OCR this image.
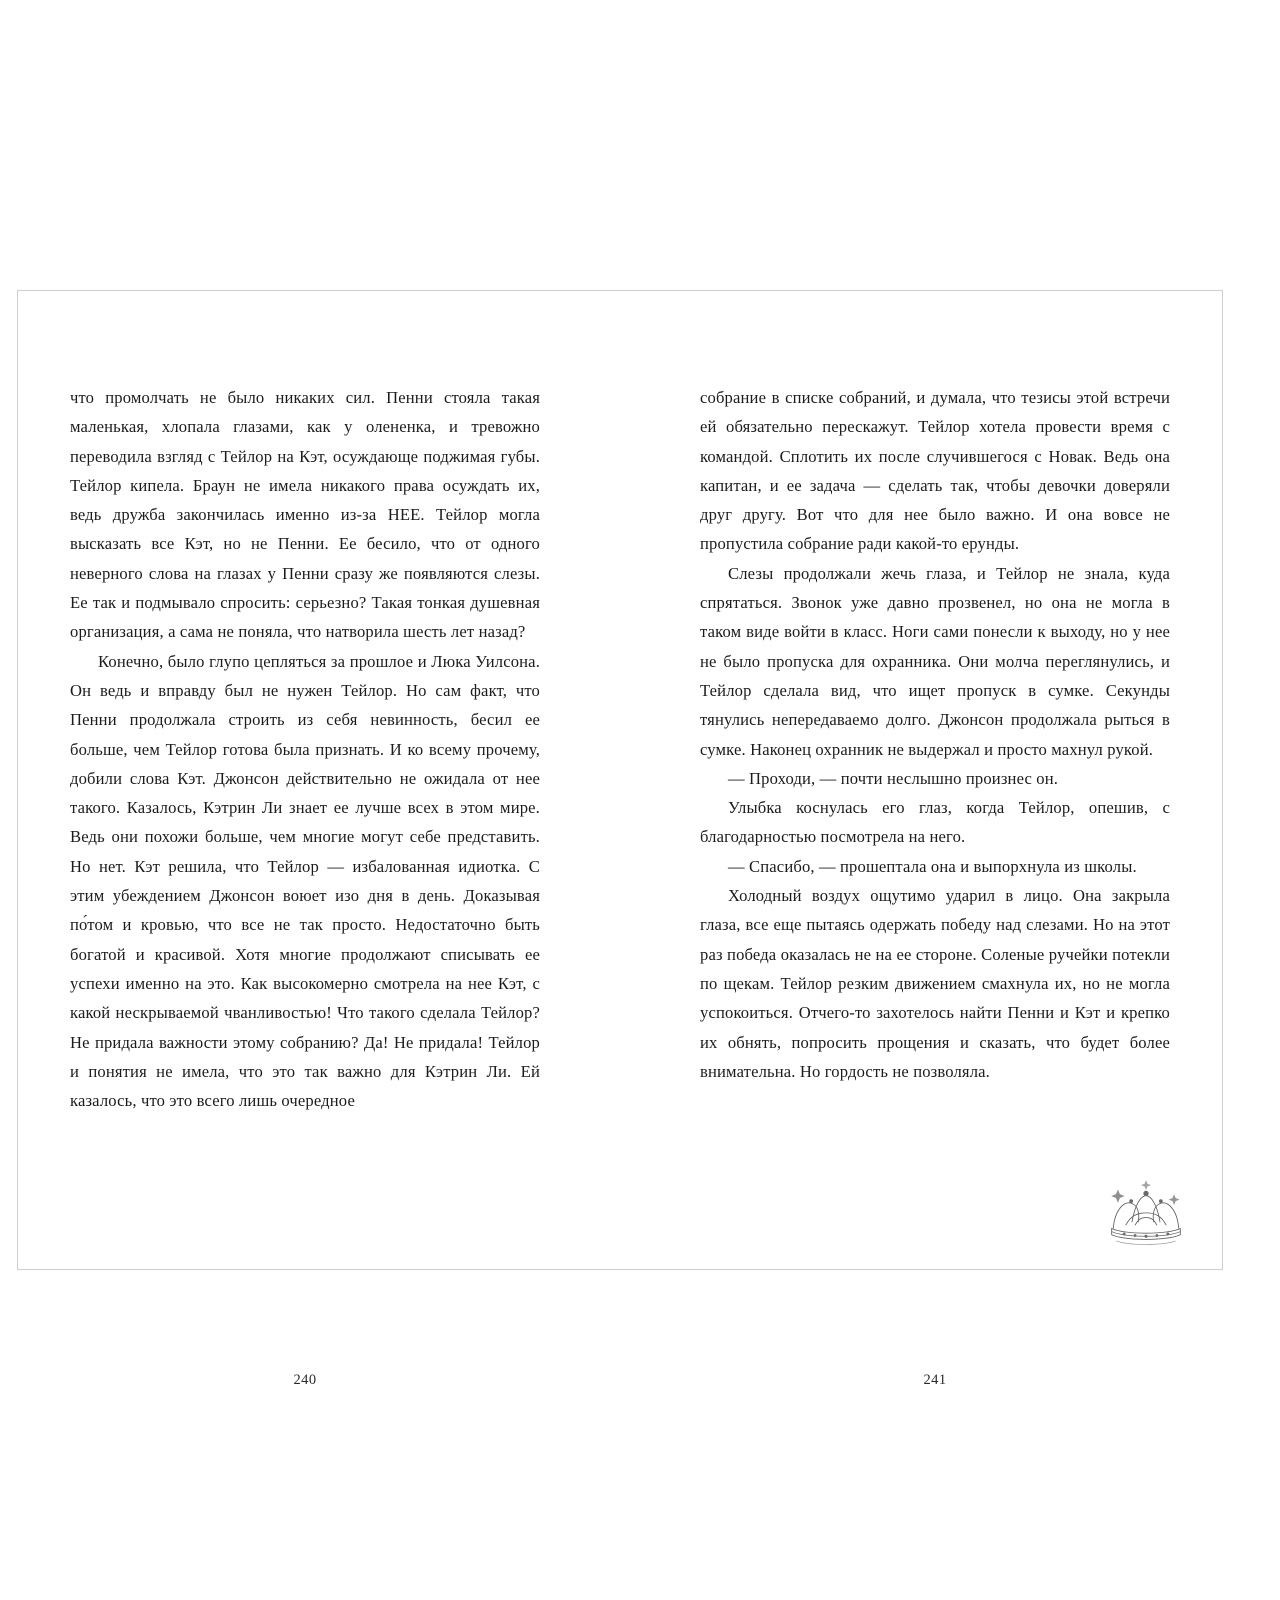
что промолчать не было никаких сил. Пенни стояла такая маленькая, хлопала глазами, как у олененка, и тревожно переводила взгляд с Тейлор на Кэт, осуждающе поджимая губы. Тейлор кипела. Браун не имела никакого права осуждать их, ведь дружба закончилась именно из-за НЕЕ. Тейлор могла высказать все Кэт, но не Пенни. Ее бесило, что от одного неверного слова на глазах у Пенни сразу же появляются слезы. Ее так и подмывало спросить: серьезно? Такая тонкая душевная организация, а сама не поняла, что натворила шесть лет назад?

Конечно, было глупо цепляться за прошлое и Люка Уилсона. Он ведь и вправду был не нужен Тейлор. Но сам факт, что Пенни продолжала строить из себя невинность, бесил ее больше, чем Тейлор готова была признать. И ко всему прочему, добили слова Кэт. Джонсон действительно не ожидала от нее такого. Казалось, Кэтрин Ли знает ее лучше всех в этом мире. Ведь они похожи больше, чем многие могут себе представить. Но нет. Кэт решила, что Тейлор — избалованная идиотка. С этим убеждением Джонсон воюет изо дня в день. Доказывая по́том и кровью, что все не так просто. Недостаточно быть богатой и красивой. Хотя многие продолжают списывать ее успехи именно на это. Как высокомерно смотрела на нее Кэт, с какой нескрываемой чванливостью! Что такого сделала Тейлор? Не придала важности этому собранию? Да! Не придала! Тейлор и понятия не имела, что это так важно для Кэтрин Ли. Ей казалось, что это всего лишь очередное

240

собрание в списке собраний, и думала, что тезисы этой встречи ей обязательно перескажут. Тейлор хотела провести время с командой. Сплотить их после случившегося с Новак. Ведь она капитан, и ее задача — сделать так, чтобы девочки доверяли друг другу. Вот что для нее было важно. И она вовсе не пропустила собрание ради какой-то ерунды.

Слезы продолжали жечь глаза, и Тейлор не знала, куда спрятаться. Звонок уже давно прозвенел, но она не могла в таком виде войти в класс. Ноги сами понесли к выходу, но у нее не было пропуска для охранника. Они молча переглянулись, и Тейлор сделала вид, что ищет пропуск в сумке. Секунды тянулись непередаваемо долго. Джонсон продолжала рыться в сумке. Наконец охранник не выдержал и просто махнул рукой.

— Проходи, — почти неслышно произнес он.

Улыбка коснулась его глаз, когда Тейлор, опешив, с благодарностью посмотрела на него.

— Спасибо, — прошептала она и выпорхнула из школы.

Холодный воздух ощутимо ударил в лицо. Она закрыла глаза, все еще пытаясь одержать победу над слезами. Но на этот раз победа оказалась не на ее стороне. Соленые ручейки потекли по щекам. Тейлор резким движением смахнула их, но не могла успокоиться. Отчего-то захотелось найти Пенни и Кэт и крепко их обнять, попросить прощения и сказать, что будет более внимательна. Но гордость не позволяла.

241
